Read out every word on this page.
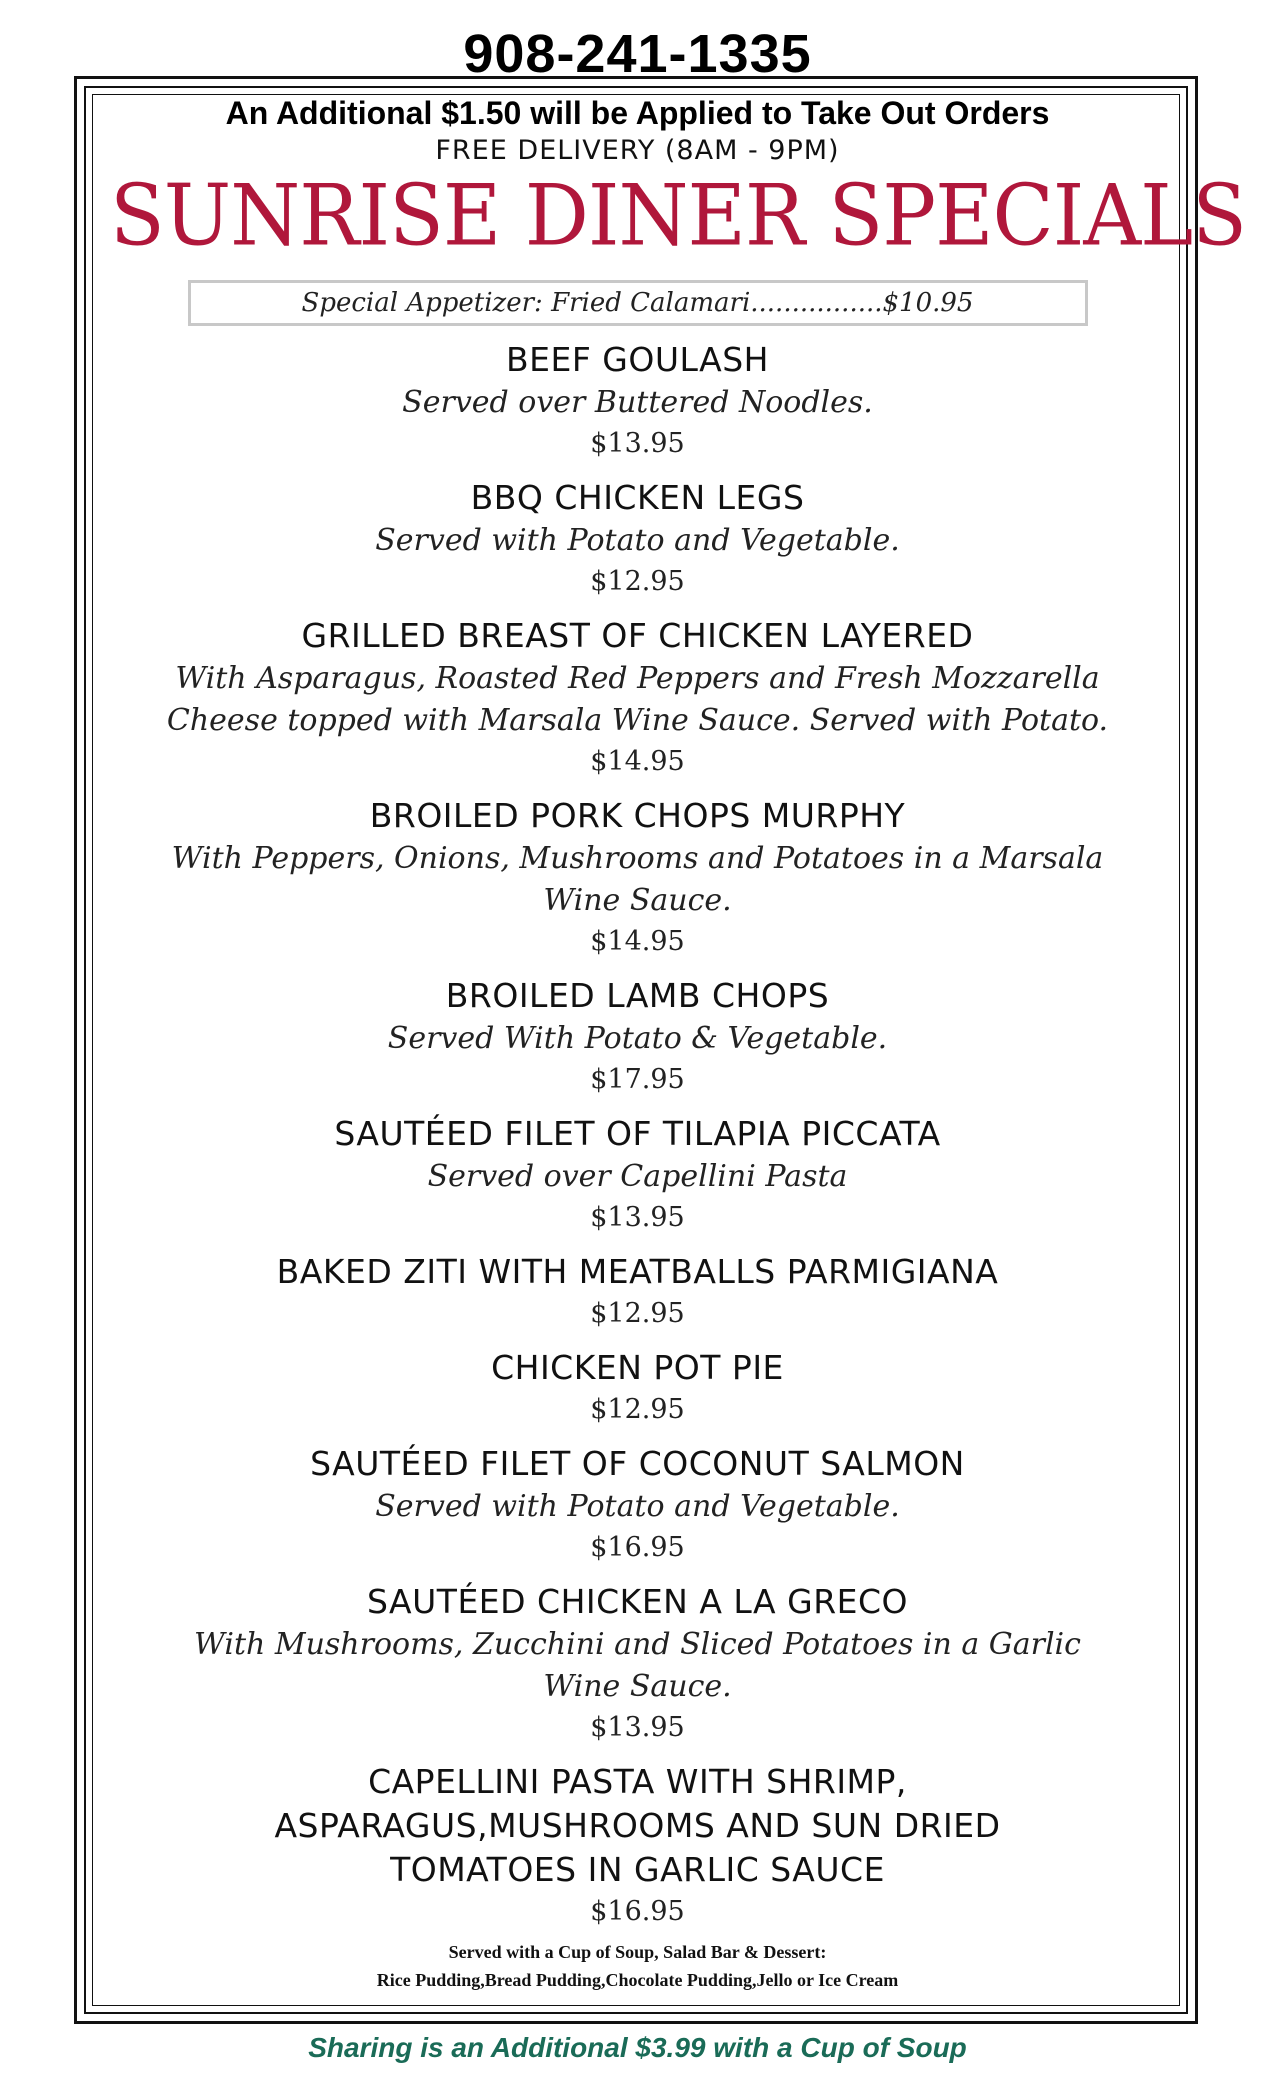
908-241-1335
An Additional $1.50 will be Applied to Take Out Orders
FREE DELIVERY (8AM - 9PM)
SUNRISE DINER SPECIALS
Special Appetizer: Fried Calamari ................ $10.95
BEEF GOULASH
Served over Buttered Noodles.
$13.95
BBQ CHICKEN LEGS
Served with Potato and Vegetable.
$12.95
GRILLED BREAST OF CHICKEN LAYERED
With Asparagus, Roasted Red Peppers and Fresh Mozzarella
Cheese topped with Marsala Wine Sauce. Served with Potato.
$14.95
BROILED PORK CHOPS MURPHY
With Peppers, Onions, Mushrooms and Potatoes in a Marsala
Wine Sauce.
$14.95
BROILED LAMB CHOPS
Served With Potato & Vegetable.
$17.95
SAUTÉED FILET OF TILAPIA PICCATA
Served over Capellini Pasta
$13.95
BAKED ZITI WITH MEATBALLS PARMIGIANA
$12.95
CHICKEN POT PIE
$12.95
SAUTÉED FILET OF COCONUT SALMON
Served with Potato and Vegetable.
$16.95
SAUTÉED CHICKEN A LA GRECO
With Mushrooms, Zucchini and Sliced Potatoes in a Garlic
Wine Sauce.
$13.95
CAPELLINI PASTA WITH SHRIMP,
ASPARAGUS,MUSHROOMS AND SUN DRIED
TOMATOES IN GARLIC SAUCE
$16.95
Served with a Cup of Soup, Salad Bar & Dessert:
Rice Pudding,Bread Pudding,Chocolate Pudding,Jello or Ice Cream
Sharing is an Additional $3.99 with a Cup of Soup
